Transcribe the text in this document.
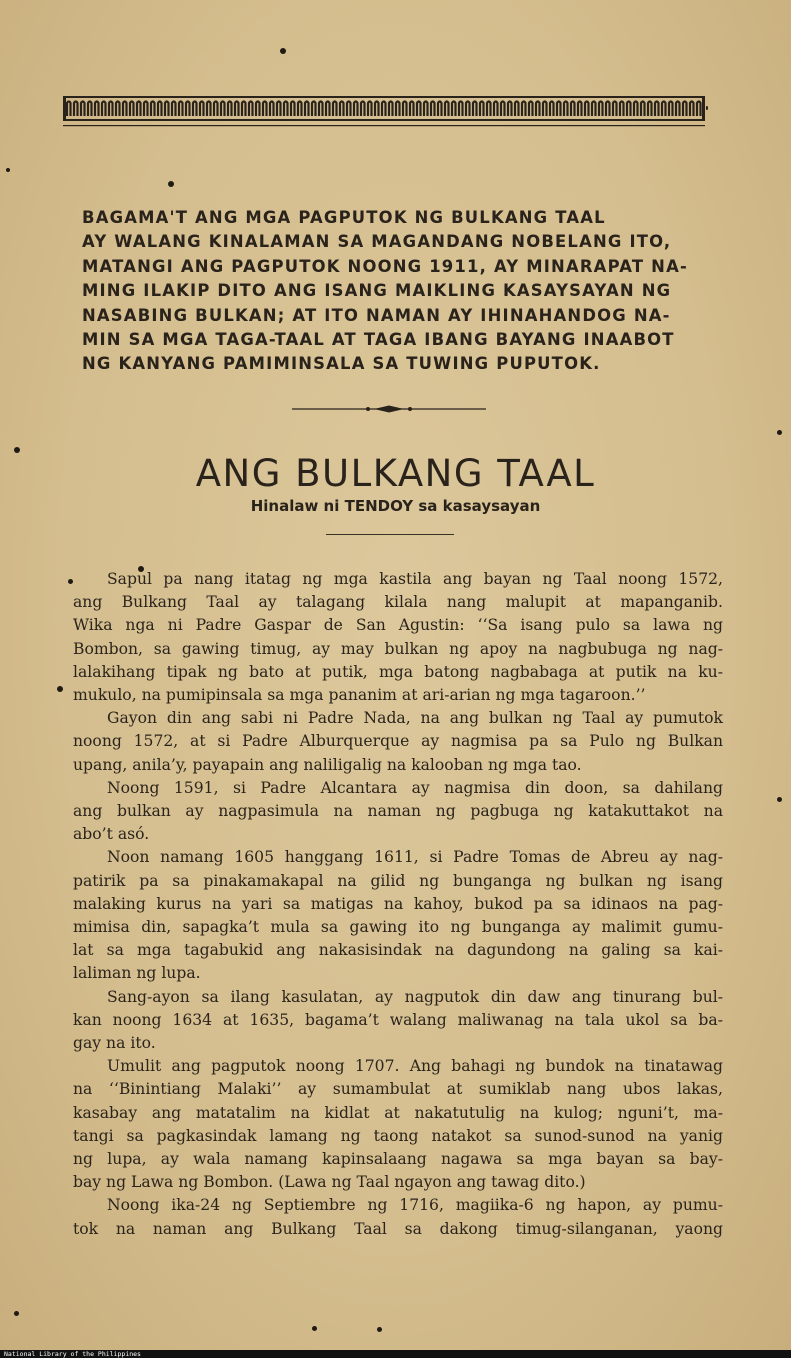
BAGAMA'T ANG MGA PAGPUTOK NG BULKANG TAAL
AY WALANG KINALAMAN SA MAGANDANG NOBELANG ITO,
MATANGI ANG PAGPUTOK NOONG 1911, AY MINARAPAT NA-
MING ILAKIP DITO ANG ISANG MAIKLING KASAYSAYAN NG
NASABING BULKAN; AT ITO NAMAN AY IHINAHANDOG NA-
MIN SA MGA TAGA-TAAL AT TAGA IBANG BAYANG INAABOT
NG KANYANG PAMIMINSALA SA TUWING PUPUTOK.
ANG BULKANG TAAL
Hinalaw ni TENDOY sa kasaysayan

Sapul pa nang itatag ng mga kastila ang bayan ng Taal noong 1572,
ang Bulkang Taal ay talagang kilala nang malupit at mapanganib.
Wika nga ni Padre Gaspar de San Agustin: ‘‘Sa isang pulo sa lawa ng
Bombon, sa gawing timug, ay may bulkan ng apoy na nagbubuga ng nag-
lalakihang tipak ng bato at putik, mga batong nagbabaga at putik na ku-
mukulo, na pumipinsala sa mga pananim at ari-arian ng mga tagaroon.’’

Gayon din ang sabi ni Padre Nada, na ang bulkan ng Taal ay pumutok
noong 1572, at si Padre Alburquerque ay nagmisa pa sa Pulo ng Bulkan
upang, anila’y, payapain ang naliligalig na kalooban ng mga tao.

Noong 1591, si Padre Alcantara ay nagmisa din doon, sa dahilang
ang bulkan ay nagpasimula na naman ng pagbuga ng katakuttakot na
abo’t asó.

Noon namang 1605 hanggang 1611, si Padre Tomas de Abreu ay nag-
patirik pa sa pinakamakapal na gilid ng bunganga ng bulkan ng isang
malaking kurus na yari sa matigas na kahoy, bukod pa sa idinaos na pag-
mimisa din, sapagka’t mula sa gawing ito ng bunganga ay malimit gumu-
lat sa mga tagabukid ang nakasisindak na dagundong na galing sa kai-
laliman ng lupa.

Sang-ayon sa ilang kasulatan, ay nagputok din daw ang tinurang bul-
kan noong 1634 at 1635, bagama’t walang maliwanag na tala ukol sa ba-
gay na ito.

Umulit ang pagputok noong 1707. Ang bahagi ng bundok na tinatawag
na ‘‘Binintiang Malaki’’ ay sumambulat at sumiklab nang ubos lakas,
kasabay ang matatalim na kidlat at nakatutulig na kulog; nguni’t, ma-
tangi sa pagkasindak lamang ng taong natakot sa sunod-sunod na yanig
ng lupa, ay wala namang kapinsalaang nagawa sa mga bayan sa bay-
bay ng Lawa ng Bombon. (Lawa ng Taal ngayon ang tawag dito.)

Noong ika-24 ng Septiembre ng 1716, magiika-6 ng hapon, ay pumu-
tok na naman ang Bulkang Taal sa dakong timug-silanganan, yaong

National Library of the Philippines
